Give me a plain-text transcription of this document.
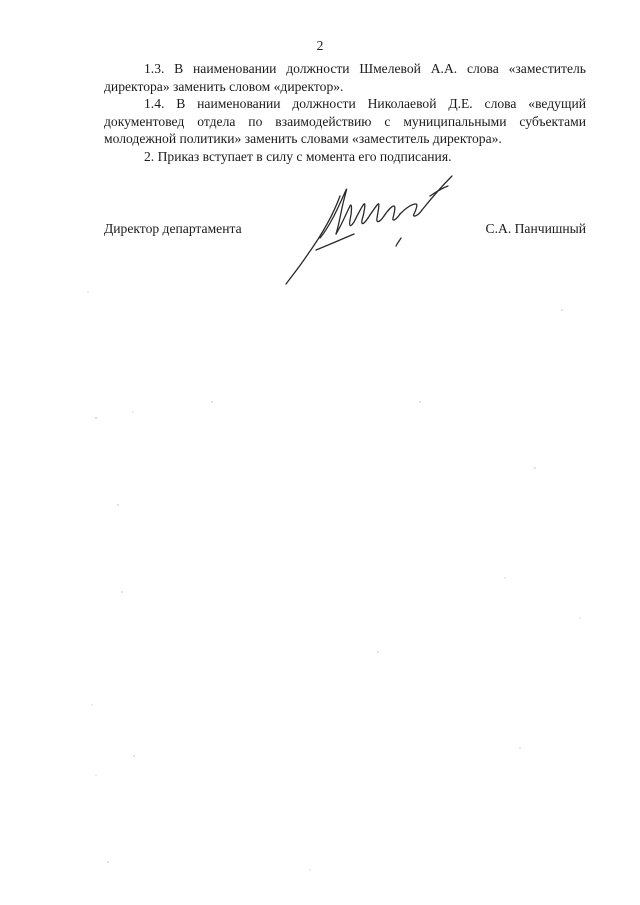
2

1.3. В наименовании должности Шмелевой А.А. слова «заместитель директора» заменить словом «директор».

1.4. В наименовании должности Николаевой Д.Е. слова «ведущий документовед отдела по взаимодействию с муниципальными субъектами молодежной политики» заменить словами «заместитель директора».

2. Приказ вступает в силу с момента его подписания.

Директор департамента	С.А. Панчишный
